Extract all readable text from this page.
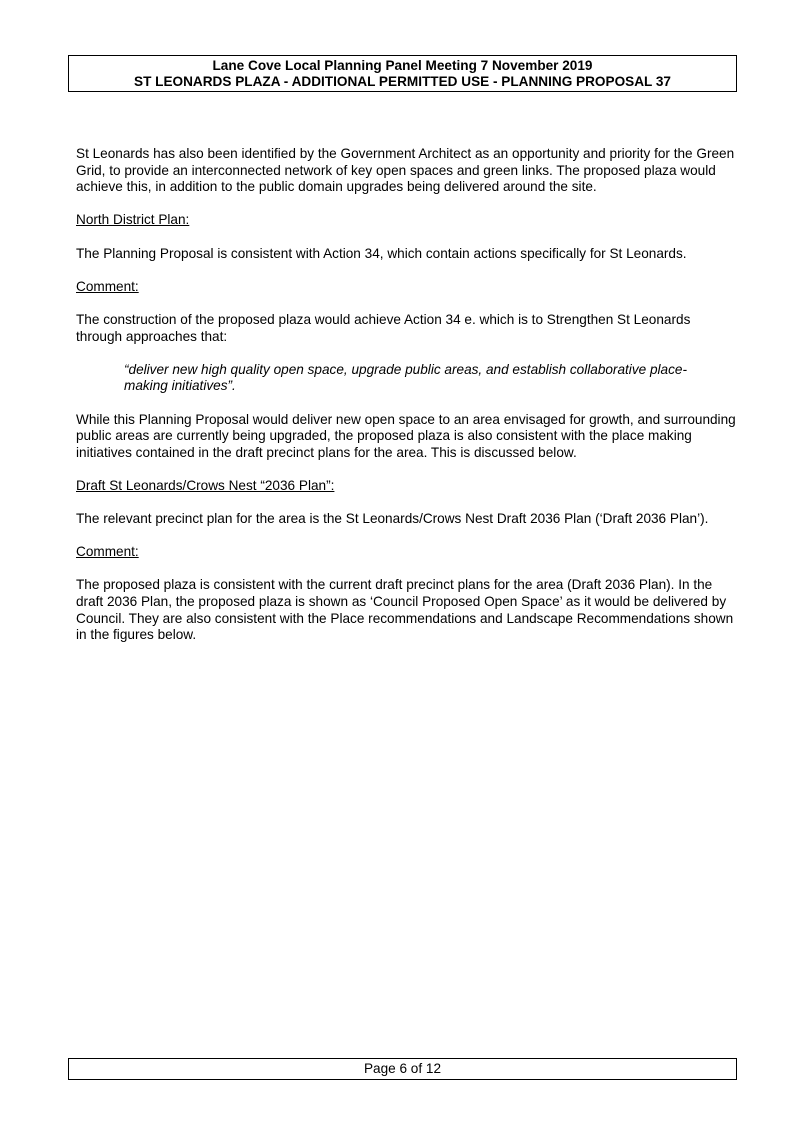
Lane Cove Local Planning Panel Meeting 7 November 2019
ST LEONARDS PLAZA - ADDITIONAL PERMITTED USE - PLANNING PROPOSAL 37

St Leonards has also been identified by the Government Architect as an opportunity and priority for the Green Grid, to provide an interconnected network of key open spaces and green links. The proposed plaza would achieve this, in addition to the public domain upgrades being delivered around the site.

North District Plan:

The Planning Proposal is consistent with Action 34, which contain actions specifically for St Leonards.

Comment:

The construction of the proposed plaza would achieve Action 34 e. which is to Strengthen St Leonards through approaches that:

“deliver new high quality open space, upgrade public areas, and establish collaborative place-making initiatives”.

While this Planning Proposal would deliver new open space to an area envisaged for growth, and surrounding public areas are currently being upgraded, the proposed plaza is also consistent with the place making initiatives contained in the draft precinct plans for the area. This is discussed below.

Draft St Leonards/Crows Nest “2036 Plan”:

The relevant precinct plan for the area is the St Leonards/Crows Nest Draft 2036 Plan (‘Draft 2036 Plan’).

Comment:

The proposed plaza is consistent with the current draft precinct plans for the area (Draft 2036 Plan). In the draft 2036 Plan, the proposed plaza is shown as ‘Council Proposed Open Space’ as it would be delivered by Council. They are also consistent with the Place recommendations and Landscape Recommendations shown in the figures below.

Page 6 of 12
